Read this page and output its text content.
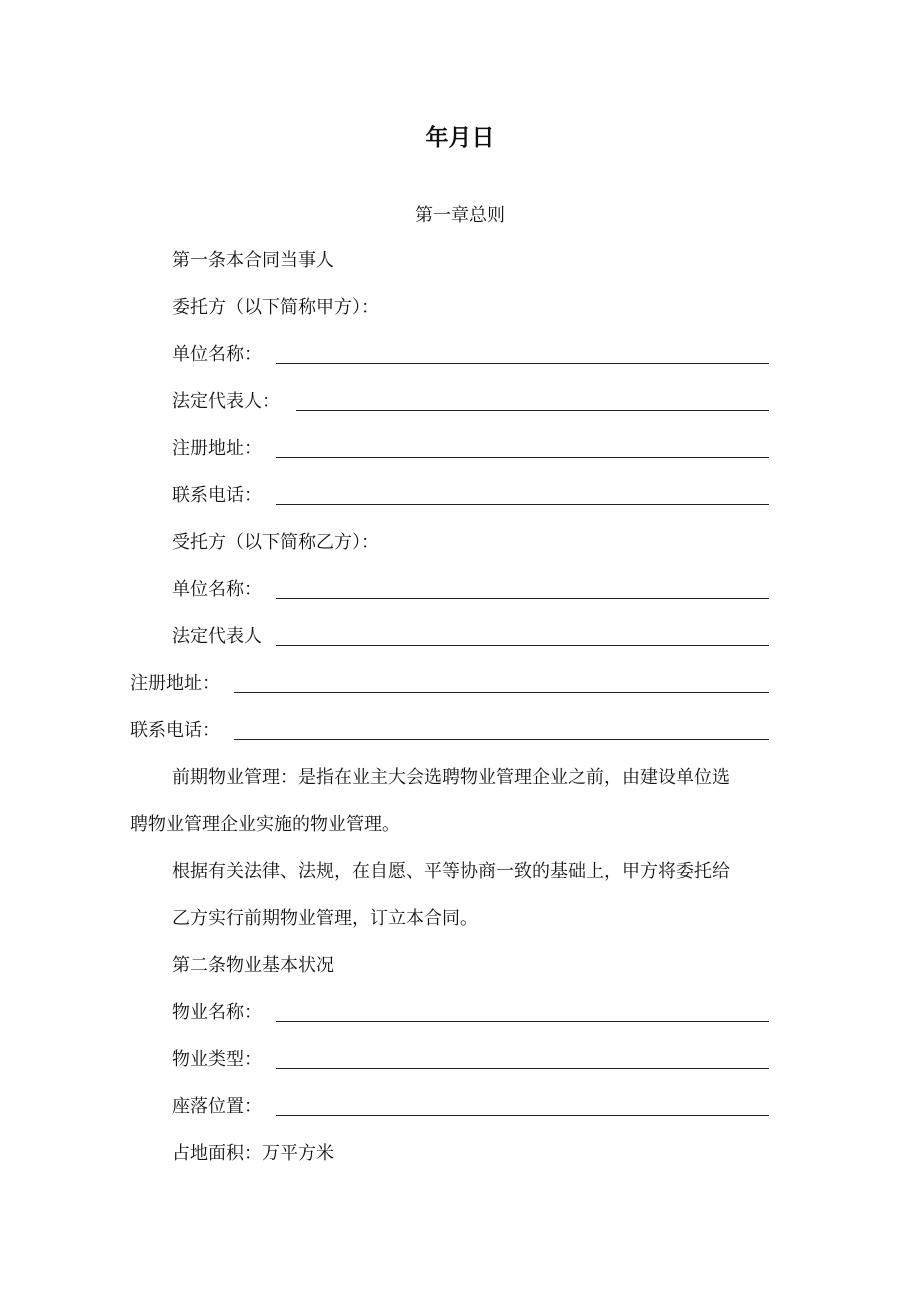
年月日
第一章总则
第一条本合同当事人
委托方（以下简称甲方）：
单位名称：
法定代表人：
注册地址：
联系电话：
受托方（以下简称乙方）：
单位名称：
法定代表人
注册地址：
联系电话：
前期物业管理：是指在业主大会选聘物业管理企业之前，由建设单位选
聘物业管理企业实施的物业管理。
根据有关法律、法规，在自愿、平等协商一致的基础上，甲方将委托给
乙方实行前期物业管理，订立本合同。
第二条物业基本状况
物业名称：
物业类型：
座落位置：
占地面积：万平方米
